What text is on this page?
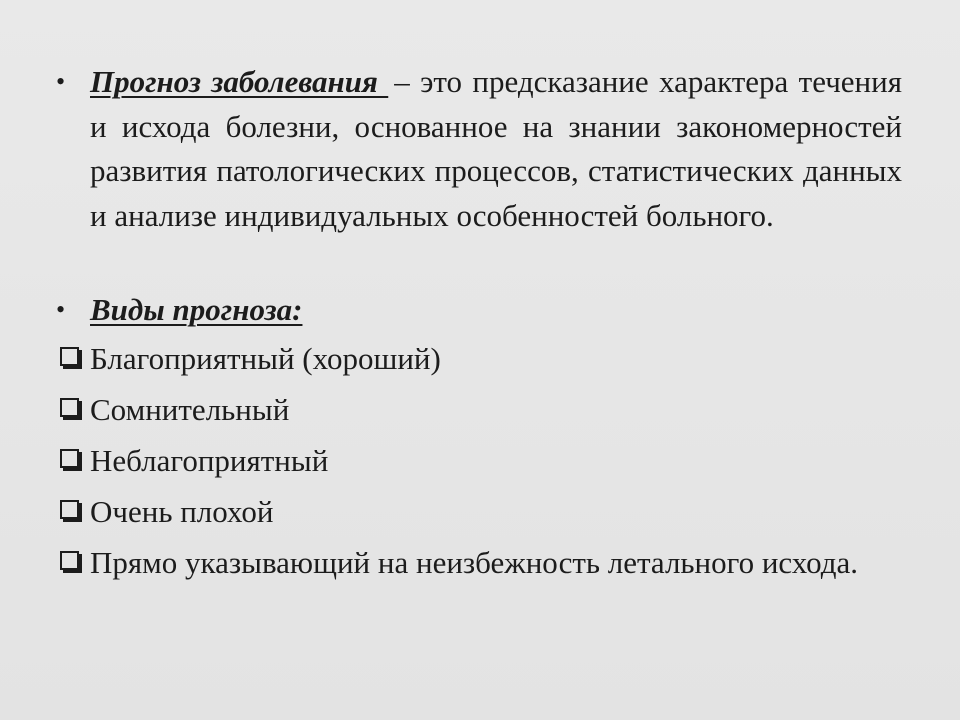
• Прогноз заболевания – это предсказание характера течения и исхода болезни, основанное на знании закономерностей развития патологических процессов, статистических данных и анализе индивидуальных особенностей больного.
• Виды прогноза:
Благоприятный (хороший)
Сомнительный
Неблагоприятный
Очень плохой
Прямо указывающий на неизбежность летального исхода.
